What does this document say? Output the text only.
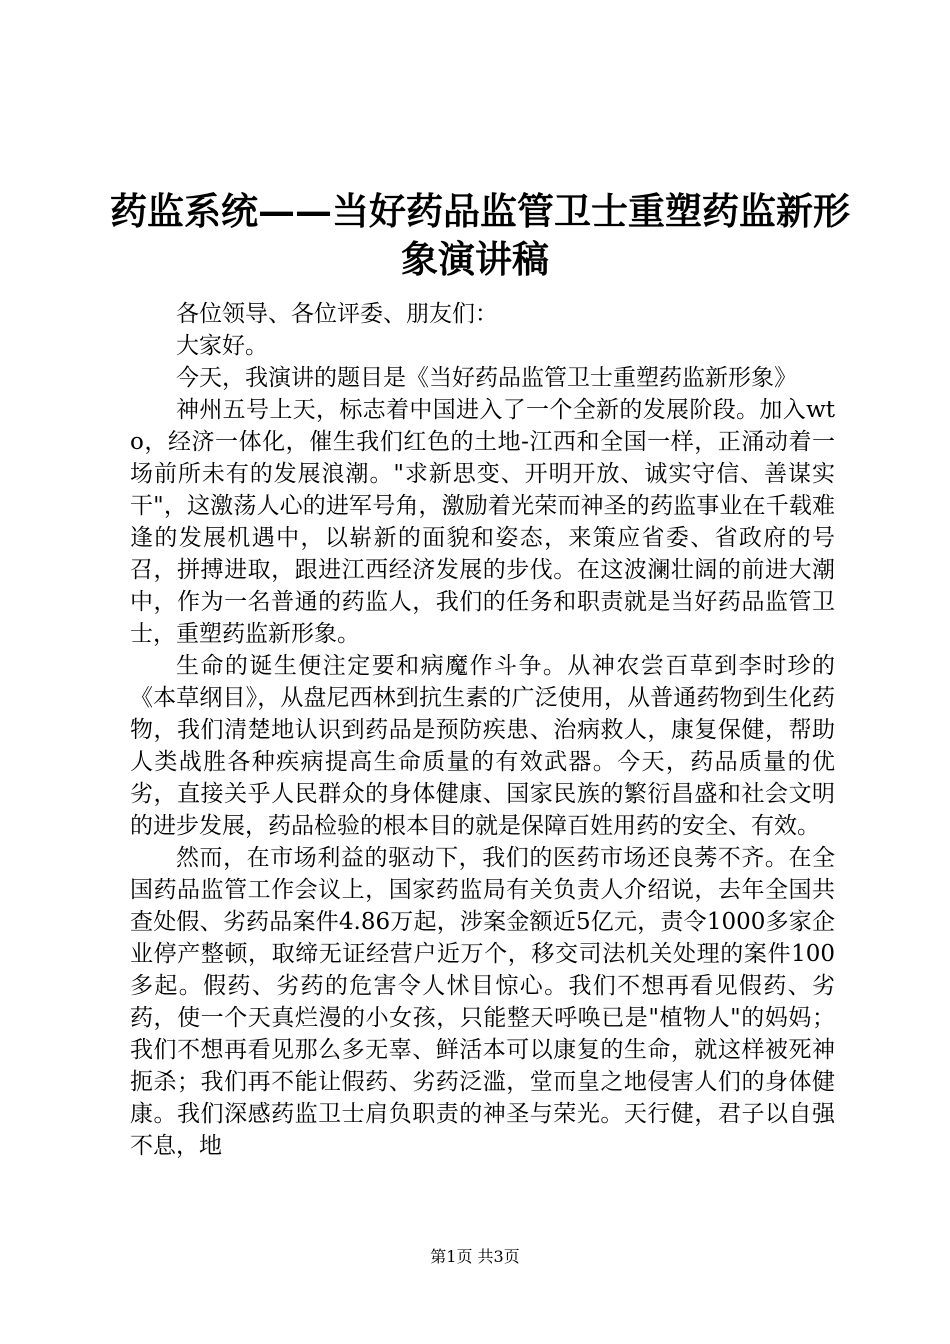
药监系统——当好药品监管卫士重塑药监新形
象演讲稿

各位领导、各位评委、朋友们：

大家好。

今天，我演讲的题目是《当好药品监管卫士重塑药监新形象》

神州五号上天，标志着中国进入了一个全新的发展阶段。加入wto，经济一体化，催生我们红色的土地-江西和全国一样，正涌动着一场前所未有的发展浪潮。"求新思变、开明开放、诚实守信、善谋实干"，这激荡人心的进军号角，激励着光荣而神圣的药监事业在千载难逢的发展机遇中，以崭新的面貌和姿态，来策应省委、省政府的号召，拼搏进取，跟进江西经济发展的步伐。在这波澜壮阔的前进大潮中，作为一名普通的药监人，我们的任务和职责就是当好药品监管卫士，重塑药监新形象。

生命的诞生便注定要和病魔作斗争。从神农尝百草到李时珍的《本草纲目》，从盘尼西林到抗生素的广泛使用，从普通药物到生化药物，我们清楚地认识到药品是预防疾患、治病救人，康复保健，帮助人类战胜各种疾病提高生命质量的有效武器。今天，药品质量的优劣，直接关乎人民群众的身体健康、国家民族的繁衍昌盛和社会文明的进步发展，药品检验的根本目的就是保障百姓用药的安全、有效。

然而，在市场利益的驱动下，我们的医药市场还良莠不齐。在全国药品监管工作会议上，国家药监局有关负责人介绍说，去年全国共查处假、劣药品案件4.86万起，涉案金额近5亿元，责令1000多家企业停产整顿，取缔无证经营户近万个，移交司法机关处理的案件100多起。假药、劣药的危害令人怵目惊心。我们不想再看见假药、劣药，使一个天真烂漫的小女孩，只能整天呼唤已是"植物人"的妈妈；我们不想再看见那么多无辜、鲜活本可以康复的生命，就这样被死神扼杀；我们再不能让假药、劣药泛滥，堂而皇之地侵害人们的身体健康。我们深感药监卫士肩负职责的神圣与荣光。天行健，君子以自强不息，地

第1页 共3页
